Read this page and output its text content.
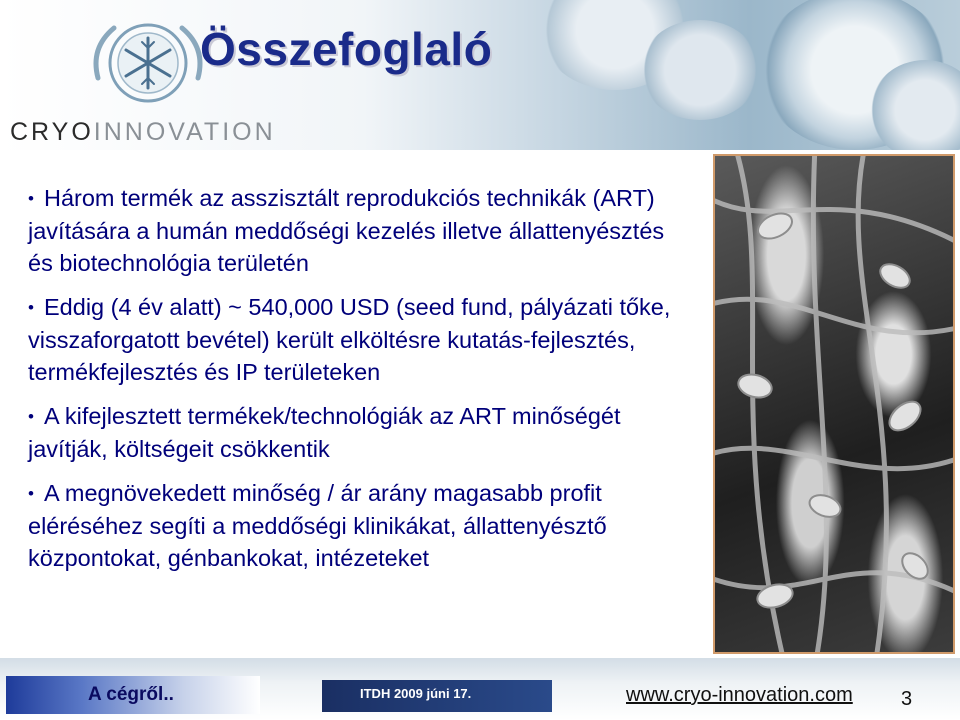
Összefoglaló
CRYOINNOVATION

• Három termék az asszisztált reprodukciós technikák (ART) javítására a humán meddőségi kezelés illetve állattenyésztés és biotechnológia területén

• Eddig (4 év alatt) ~ 540,000 USD (seed fund, pályázati tőke, visszaforgatott bevétel) került elköltésre kutatás-fejlesztés, termékfejlesztés és IP területeken

• A kifejlesztett termékek/technológiák az ART minőségét javítják, költségeit csökkentik

• A megnövekedett minőség / ár arány magasabb profit eléréséhez segíti a meddőségi klinikákat, állattenyésztő központokat, génbankokat, intézeteket

A cégről..	ITDH 2009 júni 17.	www.cryo-innovation.com 3
